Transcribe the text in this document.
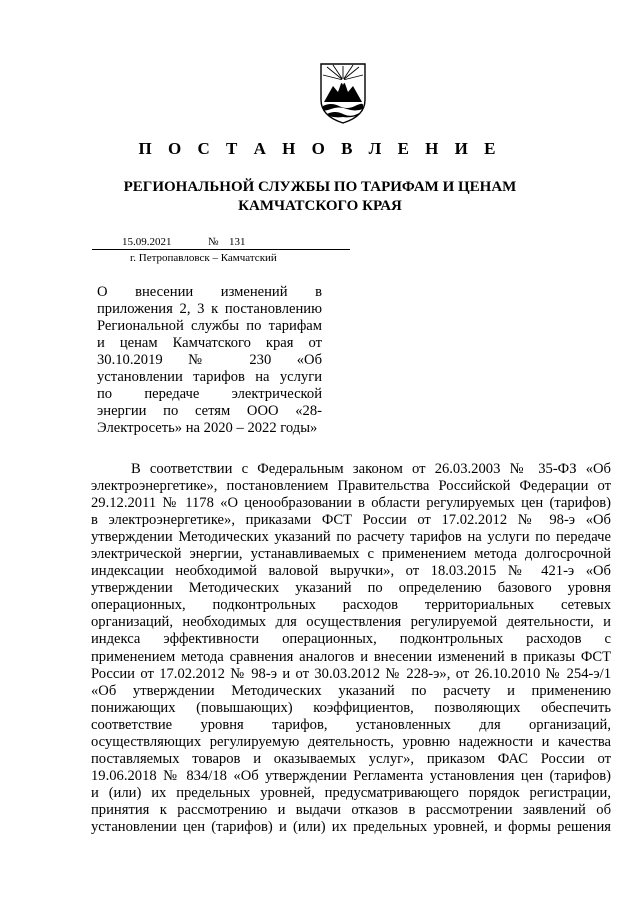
П О С Т А Н О В Л Е Н И Е
РЕГИОНАЛЬНОЙ СЛУЖБЫ ПО ТАРИФАМ И ЦЕНАМ
КАМЧАТСКОГО КРАЯ
15.09.2021	№ 131
г. Петропавловск – Камчатский
О внесении изменений в
приложения 2, 3 к постановлению
Региональной службы по тарифам
и ценам Камчатского края от
30.10.2019 № 230 «Об
установлении тарифов на услуги
по передаче электрической
энергии по сетям ООО «28-
Электросеть» на 2020 – 2022 годы»
В соответствии с Федеральным законом от 26.03.2003 № 35-ФЗ «Об
электроэнергетике», постановлением Правительства Российской Федерации от
29.12.2011 № 1178 «О ценообразовании в области регулируемых цен (тарифов)
в электроэнергетике», приказами ФСТ России от 17.02.2012 № 98-э «Об
утверждении Методических указаний по расчету тарифов на услуги по передаче
электрической энергии, устанавливаемых с применением метода долгосрочной
индексации необходимой валовой выручки», от 18.03.2015 № 421-э «Об
утверждении Методических указаний по определению базового уровня
операционных, подконтрольных расходов территориальных сетевых
организаций, необходимых для осуществления регулируемой деятельности, и
индекса эффективности операционных, подконтрольных расходов с
применением метода сравнения аналогов и внесении изменений в приказы ФСТ
России от 17.02.2012 № 98-э и от 30.03.2012 № 228-э», от 26.10.2010 № 254-э/1
«Об утверждении Методических указаний по расчету и применению
понижающих (повышающих) коэффициентов, позволяющих обеспечить
соответствие уровня тарифов, установленных для организаций,
осуществляющих регулируемую деятельность, уровню надежности и качества
поставляемых товаров и оказываемых услуг», приказом ФАС России от
19.06.2018 № 834/18 «Об утверждении Регламента установления цен (тарифов)
и (или) их предельных уровней, предусматривающего порядок регистрации,
принятия к рассмотрению и выдачи отказов в рассмотрении заявлений об
установлении цен (тарифов) и (или) их предельных уровней, и формы решения
